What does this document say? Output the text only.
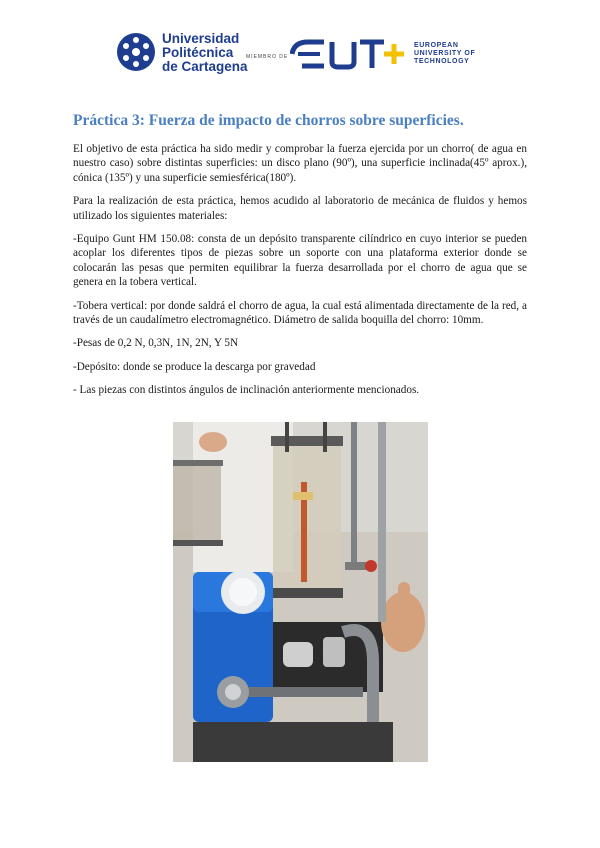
Universidad
Politécnica
de Cartagena
MIEMBRO DE
EUROPEAN
UNIVERSITY OF
TECHNOLOGY
Práctica 3: Fuerza de impacto de chorros sobre superficies.

El objetivo de esta práctica ha sido medir y comprobar la fuerza ejercida por un chorro( de agua en nuestro caso) sobre distintas superficies: un disco plano (90º), una superficie inclinada(45º aprox.), cónica (135º) y una superficie semiesférica(180º).

Para la realización de esta práctica, hemos acudido al laboratorio de mecánica de fluidos y hemos utilizado los siguientes materiales:

-Equipo Gunt HM 150.08: consta de un depósito transparente cilíndrico en cuyo interior se pueden acoplar los diferentes tipos de piezas sobre un soporte con una plataforma exterior donde se colocarán las pesas que permiten equilibrar la fuerza desarrollada por el chorro de agua que se genera en la tobera vertical.

-Tobera vertical: por donde saldrá el chorro de agua, la cual está alimentada directamente de la red, a través de un caudalímetro electromagnético. Diámetro de salida boquilla del chorro: 10mm.

-Pesas de 0,2 N, 0,3N, 1N, 2N, Y 5N

-Depósito: donde se produce la descarga por gravedad

- Las piezas con distintos ángulos de inclinación anteriormente mencionados.
